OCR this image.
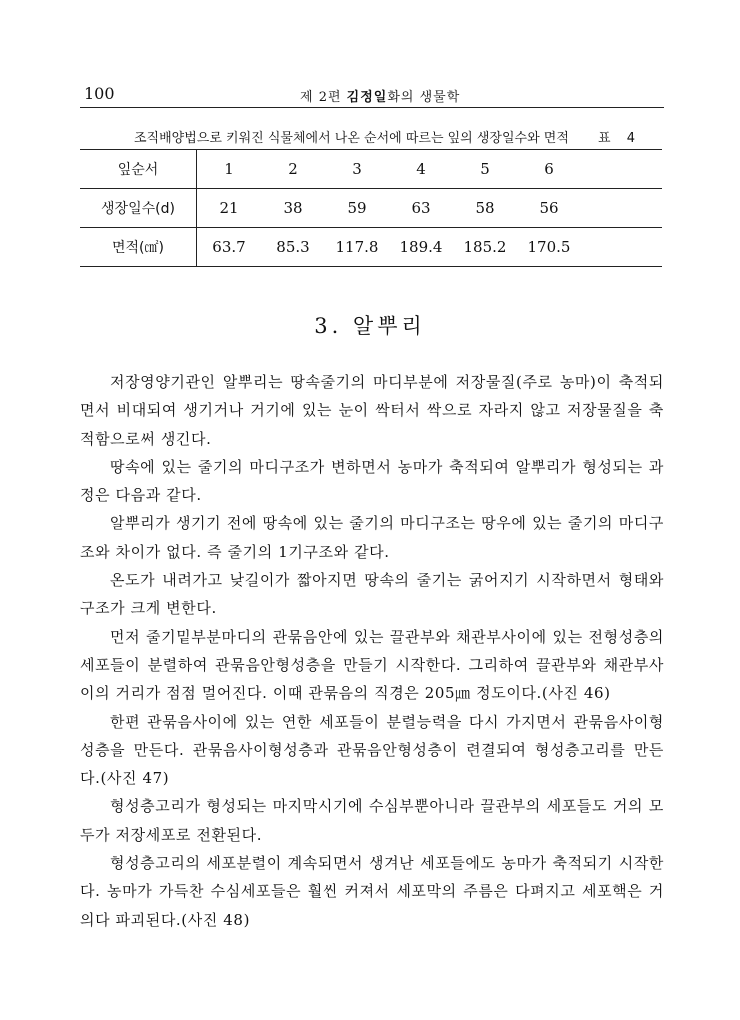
100	제 2편 김정일화의 생물학
조직배양법으로 키워진 식물체에서 나온 순서에 따르는 잎의 생장일수와 면적 표 4
잎순서	1	2	3	4	5	6	
생장일수(d)	21	38	59	63	58	56	
면적(㎠)	63.7	85.3	117.8	189.4	185.2	170.5	
3. 알뿌리

저장영양기관인 알뿌리는 땅속줄기의 마디부분에 저장물질(주로 농마)이 축적되면서 비대되여 생기거나 거기에 있는 눈이 싹터서 싹으로 자라지 않고 저장물질을 축적함으로써 생긴다.

땅속에 있는 줄기의 마디구조가 변하면서 농마가 축적되여 알뿌리가 형성되는 과정은 다음과 같다.

알뿌리가 생기기 전에 땅속에 있는 줄기의 마디구조는 땅우에 있는 줄기의 마디구조와 차이가 없다. 즉 줄기의 1기구조와 같다.

온도가 내려가고 낮길이가 짧아지면 땅속의 줄기는 굵어지기 시작하면서 형태와 구조가 크게 변한다.

먼저 줄기밑부분마디의 관묶음안에 있는 끌관부와 채관부사이에 있는 전형성층의 세포들이 분렬하여 관묶음안형성층을 만들기 시작한다. 그리하여 끌관부와 채관부사이의 거리가 점점 멀어진다. 이때 관묶음의 직경은 205㎛ 정도이다.(사진 46)

한편 관묶음사이에 있는 연한 세포들이 분렬능력을 다시 가지면서 관묶음사이형성층을 만든다. 관묶음사이형성층과 관묶음안형성층이 련결되여 형성층고리를 만든다.(사진 47)

형성층고리가 형성되는 마지막시기에 수심부뿐아니라 끌관부의 세포들도 거의 모두가 저장세포로 전환된다.

형성층고리의 세포분렬이 계속되면서 생겨난 세포들에도 농마가 축적되기 시작한다. 농마가 가득찬 수심세포들은 훨씬 커져서 세포막의 주름은 다펴지고 세포핵은 거의다 파괴된다.(사진 48)
